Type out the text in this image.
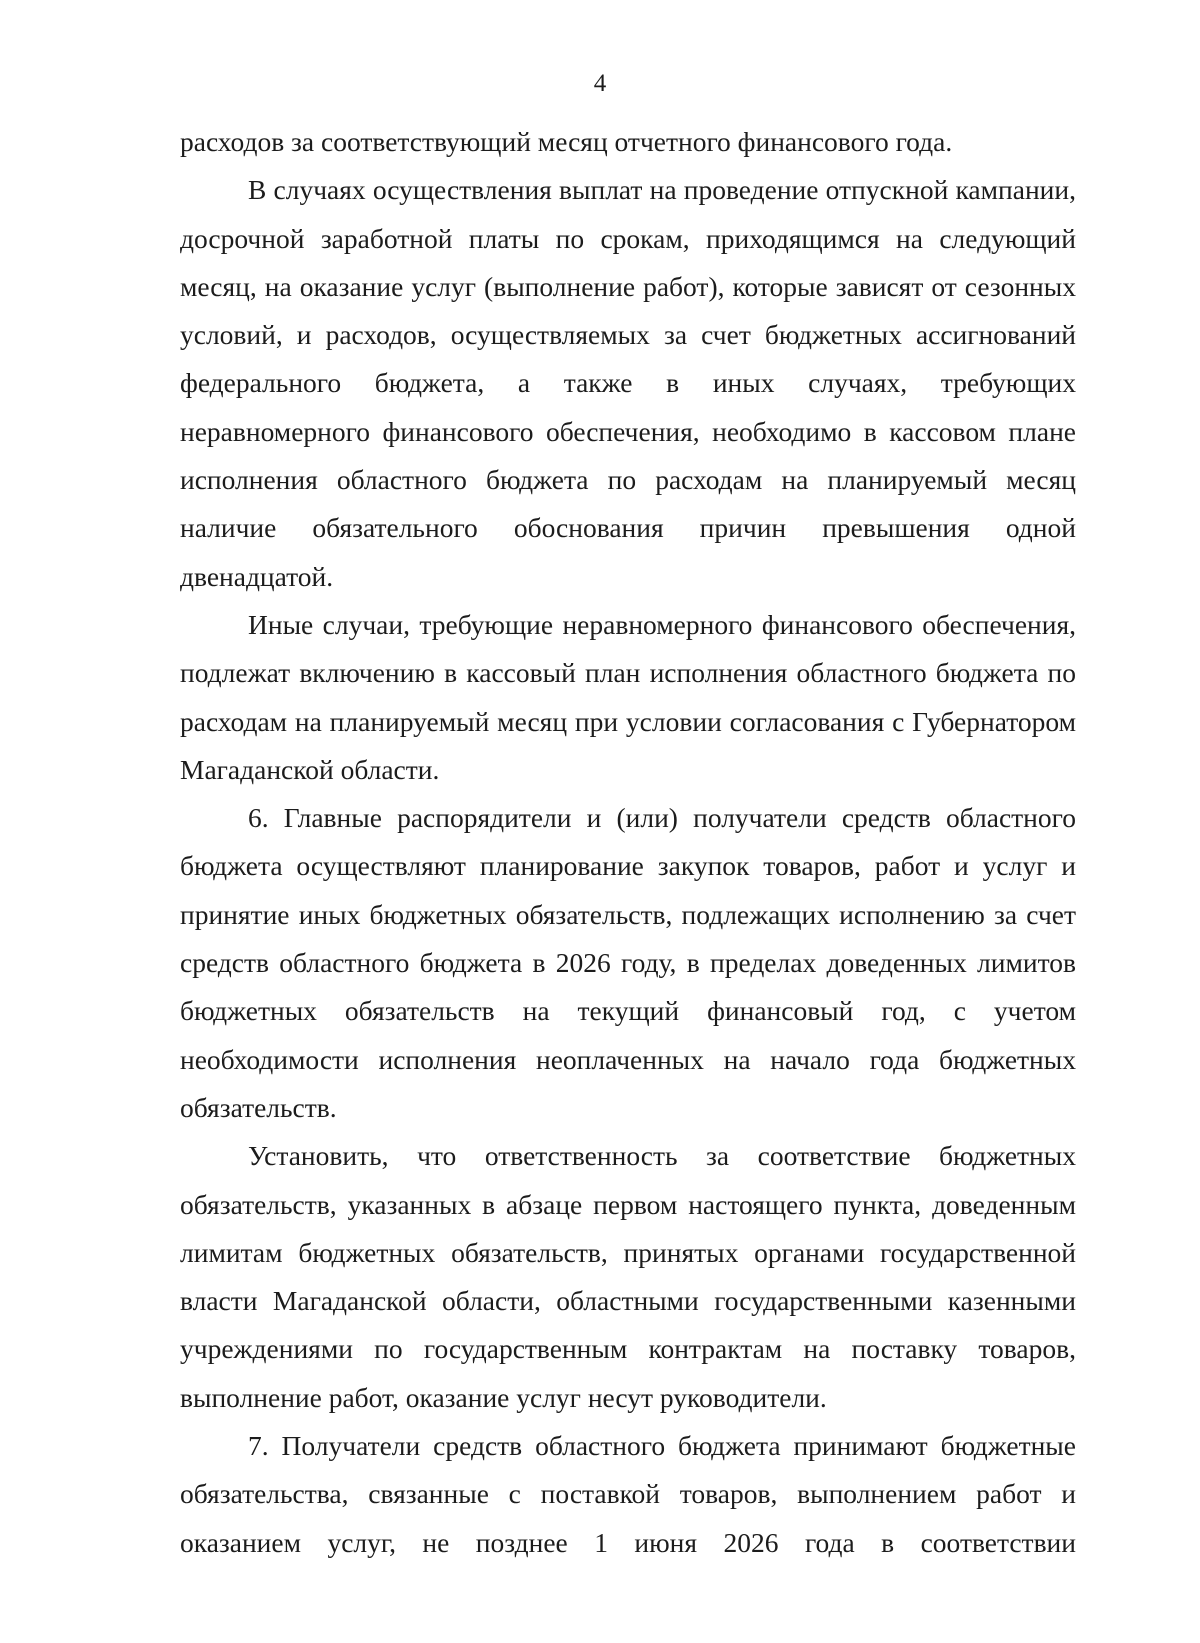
4

расходов за соответствующий месяц отчетного финансового года.

В случаях осуществления выплат на проведение отпускной кампании, досрочной заработной платы по срокам, приходящимся на следующий месяц, на оказание услуг (выполнение работ), которые зависят от сезонных условий, и расходов, осуществляемых за счет бюджетных ассигнований федерального бюджета, а также в иных случаях, требующих неравномерного финансового обеспечения, необходимо в кассовом плане исполнения областного бюджета по расходам на планируемый месяц наличие обязательного обоснования причин превышения одной двенадцатой.

Иные случаи, требующие неравномерного финансового обеспечения, подлежат включению в кассовый план исполнения областного бюджета по расходам на планируемый месяц при условии согласования с Губернатором Магаданской области.

6. Главные распорядители и (или) получатели средств областного бюджета осуществляют планирование закупок товаров, работ и услуг и принятие иных бюджетных обязательств, подлежащих исполнению за счет средств областного бюджета в 2026 году, в пределах доведенных лимитов бюджетных обязательств на текущий финансовый год, с учетом необходимости исполнения неоплаченных на начало года бюджетных обязательств.

Установить, что ответственность за соответствие бюджетных обязательств, указанных в абзаце первом настоящего пункта, доведенным лимитам бюджетных обязательств, принятых органами государственной власти Магаданской области, областными государственными казенными учреждениями по государственным контрактам на поставку товаров, выполнение работ, оказание услуг несут руководители.

7. Получатели средств областного бюджета принимают бюджетные обязательства, связанные с поставкой товаров, выполнением работ и оказанием услуг, не позднее 1 июня 2026 года в соответствии
